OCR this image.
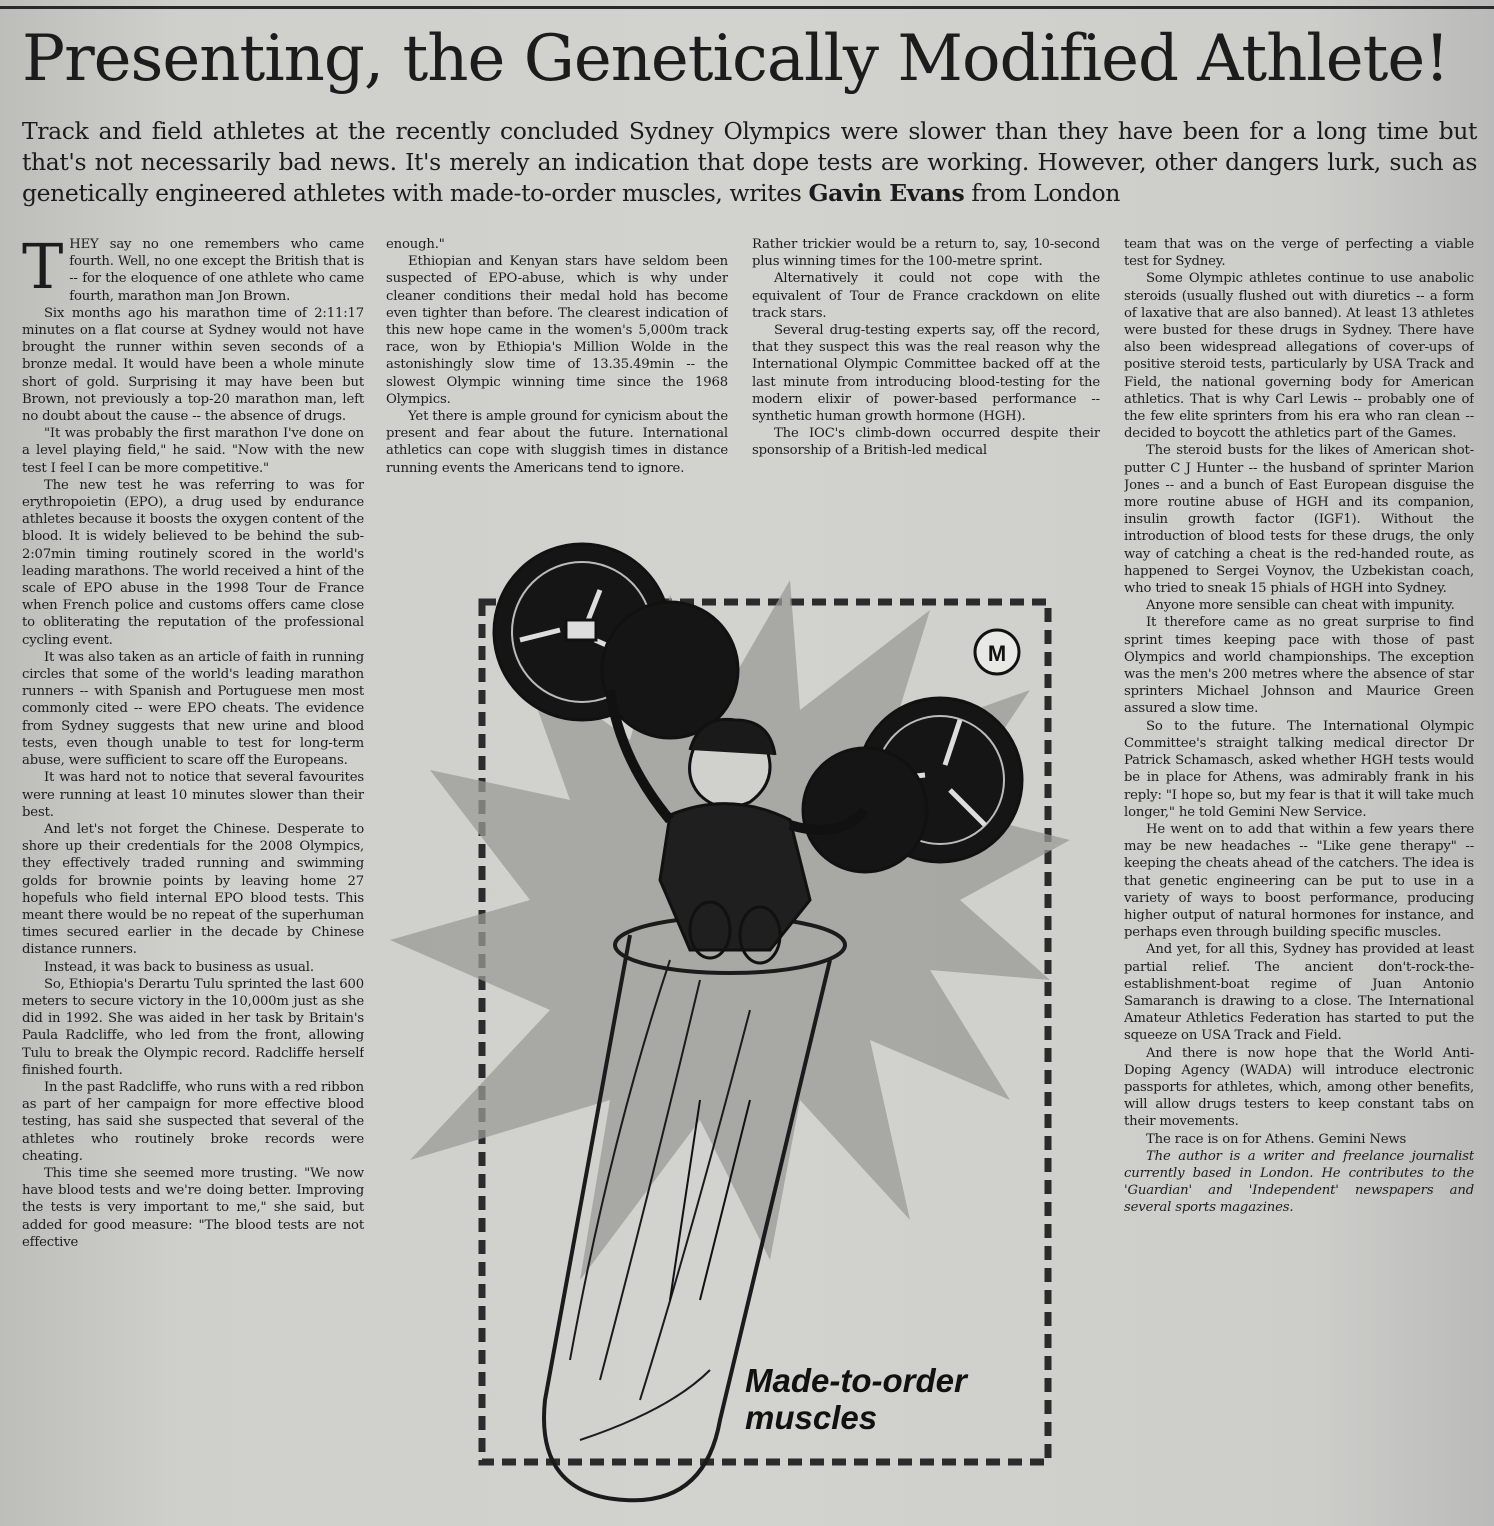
Presenting, the Genetically Modified Athlete!

Track and field athletes at the recently concluded Sydney Olympics were slower than they have been for a long time but that's not necessarily bad news. It's merely an indication that dope tests are working. However, other dangers lurk, such as genetically engineered athletes with made-to-order muscles, writes Gavin Evans from London

THEY say no one remembers who came fourth. Well, no one except the British that is -- for the eloquence of one athlete who came fourth, marathon man Jon Brown.

Six months ago his marathon time of 2:11:17 minutes on a flat course at Sydney would not have brought the runner within seven seconds of a bronze medal. It would have been a whole minute short of gold. Surprising it may have been but Brown, not previously a top-20 marathon man, left no doubt about the cause -- the absence of drugs.

"It was probably the first marathon I've done on a level playing field," he said. "Now with the new test I feel I can be more competitive."

The new test he was referring to was for erythropoietin (EPO), a drug used by endurance athletes because it boosts the oxygen content of the blood. It is widely believed to be behind the sub-2:07min timing routinely scored in the world's leading marathons. The world received a hint of the scale of EPO abuse in the 1998 Tour de France when French police and customs offers came close to obliterating the reputation of the professional cycling event.

It was also taken as an article of faith in running circles that some of the world's leading marathon runners -- with Spanish and Portuguese men most commonly cited -- were EPO cheats. The evidence from Sydney suggests that new urine and blood tests, even though unable to test for long-term abuse, were sufficient to scare off the Europeans.

It was hard not to notice that several favourites were running at least 10 minutes slower than their best.

And let's not forget the Chinese. Desperate to shore up their credentials for the 2008 Olympics, they effectively traded running and swimming golds for brownie points by leaving home 27 hopefuls who field internal EPO blood tests. This meant there would be no repeat of the superhuman times secured earlier in the decade by Chinese distance runners.

Instead, it was back to business as usual.

So, Ethiopia's Derartu Tulu sprinted the last 600 meters to secure victory in the 10,000m just as she did in 1992. She was aided in her task by Britain's Paula Radcliffe, who led from the front, allowing Tulu to break the Olympic record. Radcliffe herself finished fourth.

In the past Radcliffe, who runs with a red ribbon as part of her campaign for more effective blood testing, has said she suspected that several of the athletes who routinely broke records were cheating.

This time she seemed more trusting. "We now have blood tests and we're doing better. Improving the tests is very important to me," she said, but added for good measure: "The blood tests are not effective

enough."

Ethiopian and Kenyan stars have seldom been suspected of EPO-abuse, which is why under cleaner conditions their medal hold has become even tighter than before. The clearest indication of this new hope came in the women's 5,000m track race, won by Ethiopia's Million Wolde in the astonishingly slow time of 13.35.49min -- the slowest Olympic winning time since the 1968 Olympics.

Yet there is ample ground for cynicism about the present and fear about the future. International athletics can cope with sluggish times in distance running events the Americans tend to ignore.

Rather trickier would be a return to, say, 10-second plus winning times for the 100-metre sprint.

Alternatively it could not cope with the equivalent of Tour de France crackdown on elite track stars.

Several drug-testing experts say, off the record, that they suspect this was the real reason why the International Olympic Committee backed off at the last minute from introducing blood-testing for the modern elixir of power-based performance -- synthetic human growth hormone (HGH).

The IOC's climb-down occurred despite their sponsorship of a British-led medical

team that was on the verge of perfecting a viable test for Sydney.

Some Olympic athletes continue to use anabolic steroids (usually flushed out with diuretics -- a form of laxative that are also banned). At least 13 athletes were busted for these drugs in Sydney. There have also been widespread allegations of cover-ups of positive steroid tests, particularly by USA Track and Field, the national governing body for American athletics. That is why Carl Lewis -- probably one of the few elite sprinters from his era who ran clean -- decided to boycott the athletics part of the Games.

The steroid busts for the likes of American shot-putter C J Hunter -- the husband of sprinter Marion Jones -- and a bunch of East European disguise the more routine abuse of HGH and its companion, insulin growth factor (IGF1). Without the introduction of blood tests for these drugs, the only way of catching a cheat is the red-handed route, as happened to Sergei Voynov, the Uzbekistan coach, who tried to sneak 15 phials of HGH into Sydney.

Anyone more sensible can cheat with impunity.

It therefore came as no great surprise to find sprint times keeping pace with those of past Olympics and world championships. The exception was the men's 200 metres where the absence of star sprinters Michael Johnson and Maurice Green assured a slow time.

So to the future. The International Olympic Committee's straight talking medical director Dr Patrick Schamasch, asked whether HGH tests would be in place for Athens, was admirably frank in his reply: "I hope so, but my fear is that it will take much longer," he told Gemini New Service.

He went on to add that within a few years there may be new headaches -- "Like gene therapy" -- keeping the cheats ahead of the catchers. The idea is that genetic engineering can be put to use in a variety of ways to boost performance, producing higher output of natural hormones for instance, and perhaps even through building specific muscles.

And yet, for all this, Sydney has provided at least partial relief. The ancient don't-rock-the-establishment-boat regime of Juan Antonio Samaranch is drawing to a close. The International Amateur Athletics Federation has started to put the squeeze on USA Track and Field.

And there is now hope that the World Anti-Doping Agency (WADA) will introduce electronic passports for athletes, which, among other benefits, will allow drugs testers to keep constant tabs on their movements.

The race is on for Athens. Gemini News

The author is a writer and freelance journalist currently based in London. He contributes to the 'Guardian' and 'Independent' newspapers and several sports magazines.

M
Made-to-order
muscles
